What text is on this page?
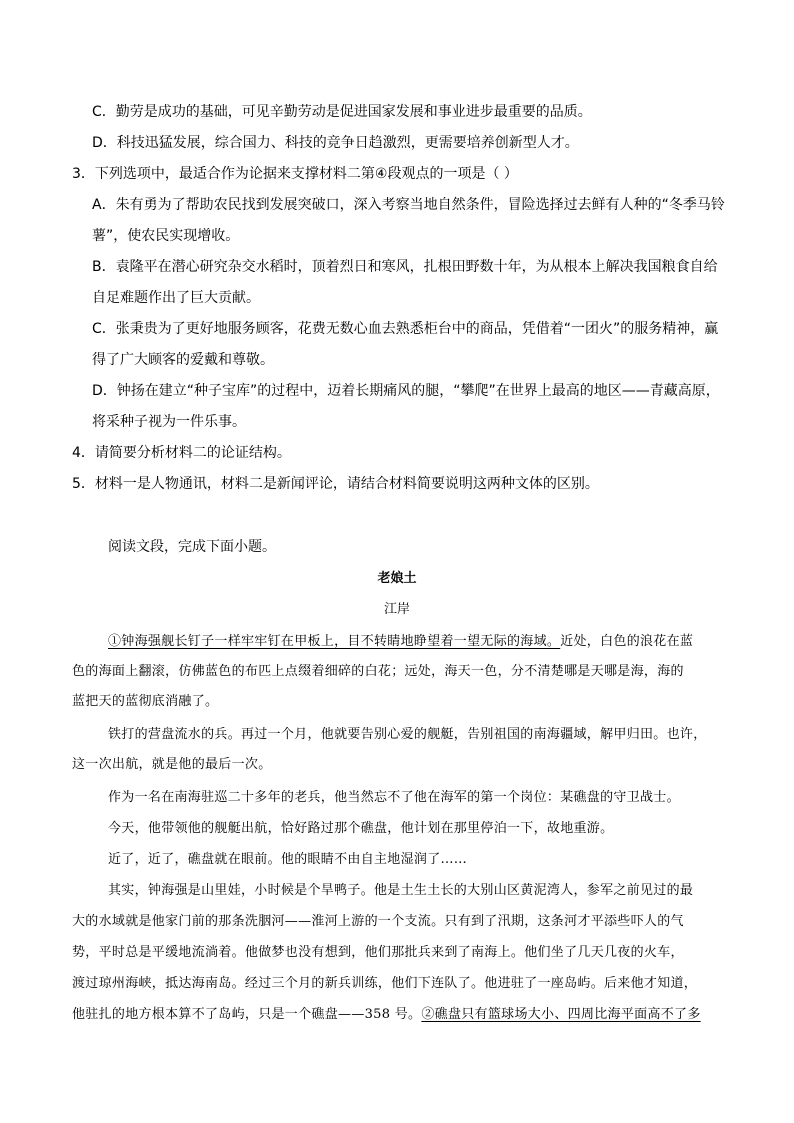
C．勤劳是成功的基础，可见辛勤劳动是促进国家发展和事业进步最重要的品质。
D．科技迅猛发展，综合国力、科技的竞争日趋激烈，更需要培养创新型人才。
3．下列选项中，最适合作为论据来支撑材料二第④段观点的一项是（ ）
A．朱有勇为了帮助农民找到发展突破口，深入考察当地自然条件，冒险选择过去鲜有人种的“冬季马铃
薯”，使农民实现增收。
B．袁隆平在潜心研究杂交水稻时，顶着烈日和寒风，扎根田野数十年，为从根本上解决我国粮食自给
自足难题作出了巨大贡献。
C．张秉贵为了更好地服务顾客，花费无数心血去熟悉柜台中的商品，凭借着“一团火”的服务精神，赢
得了广大顾客的爱戴和尊敬。
D．钟扬在建立“种子宝库”的过程中，迈着长期痛风的腿，“攀爬”在世界上最高的地区——青藏高原，
将采种子视为一件乐事。
4．请简要分析材料二的论证结构。
5．材料一是人物通讯，材料二是新闻评论，请结合材料简要说明这两种文体的区别。
阅读文段，完成下面小题。
老娘土
江岸
①钟海强舰长钉子一样牢牢钉在甲板上，目不转睛地睁望着一望无际的海域。近处，白色的浪花在蓝
色的海面上翻滚，仿佛蓝色的布匹上点缀着细碎的白花；远处，海天一色，分不清楚哪是天哪是海，海的
蓝把天的蓝彻底消融了。
铁打的营盘流水的兵。再过一个月，他就要告别心爱的舰艇，告别祖国的南海疆域，解甲归田。也许，
这一次出航，就是他的最后一次。
作为一名在南海驻巡二十多年的老兵，他当然忘不了他在海军的第一个岗位：某礁盘的守卫战士。
今天，他带领他的舰艇出航，恰好路过那个礁盘，他计划在那里停泊一下，故地重游。
近了，近了，礁盘就在眼前。他的眼睛不由自主地湿润了……
其实，钟海强是山里娃，小时候是个旱鸭子。他是土生土长的大别山区黄泥湾人，参军之前见过的最
大的水域就是他家门前的那条洗胭河——淮河上游的一个支流。只有到了汛期，这条河才平添些吓人的气
势，平时总是平缓地流淌着。他做梦也没有想到，他们那批兵来到了南海上。他们坐了几天几夜的火车，
渡过琼州海峡，抵达海南岛。经过三个月的新兵训练，他们下连队了。他进驻了一座岛屿。后来他才知道，
他驻扎的地方根本算不了岛屿，只是一个礁盘——358 号。②礁盘只有篮球场大小、四周比海平面高不了多
